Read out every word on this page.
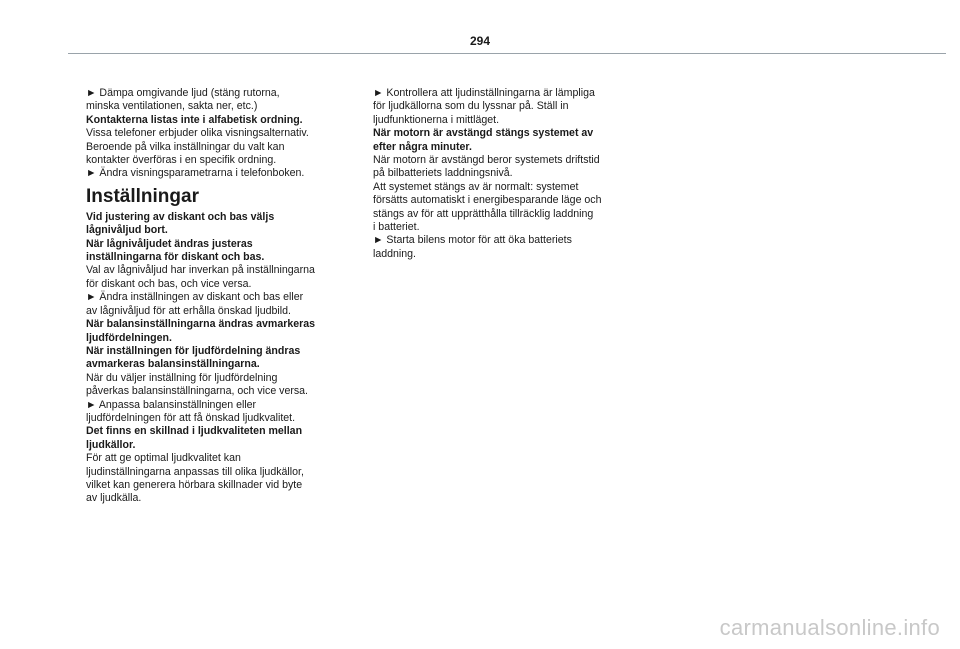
294

► Dämpa omgivande ljud (stäng rutorna,
minska ventilationen, sakta ner, etc.)

Kontakterna listas inte i alfabetisk ordning.

Vissa telefoner erbjuder olika visningsalternativ.
Beroende på vilka inställningar du valt kan
kontakter överföras i en specifik ordning.

► Ändra visningsparametrarna i telefonboken.

Inställningar

Vid justering av diskant och bas väljs
lågnivåljud bort.

När lågnivåljudet ändras justeras
inställningarna för diskant och bas.

Val av lågnivåljud har inverkan på inställningarna
för diskant och bas, och vice versa.

► Ändra inställningen av diskant och bas eller
av lågnivåljud för att erhålla önskad ljudbild.

När balansinställningarna ändras avmarkeras
ljudfördelningen.

När inställningen för ljudfördelning ändras
avmarkeras balansinställningarna.

När du väljer inställning för ljudfördelning
påverkas balansinställningarna, och vice versa.

► Anpassa balansinställningen eller
ljudfördelningen för att få önskad ljudkvalitet.

Det finns en skillnad i ljudkvaliteten mellan
ljudkällor.

För att ge optimal ljudkvalitet kan
ljudinställningarna anpassas till olika ljudkällor,
vilket kan generera hörbara skillnader vid byte
av ljudkälla.

► Kontrollera att ljudinställningarna är lämpliga
för ljudkällorna som du lyssnar på. Ställ in
ljudfunktionerna i mittläget.

När motorn är avstängd stängs systemet av
efter några minuter.

När motorn är avstängd beror systemets driftstid
på bilbatteriets laddningsnivå.
Att systemet stängs av är normalt: systemet
försätts automatiskt i energibesparande läge och
stängs av för att upprätthålla tillräcklig laddning
i batteriet.

► Starta bilens motor för att öka batteriets
laddning.

carmanualsonline.info
